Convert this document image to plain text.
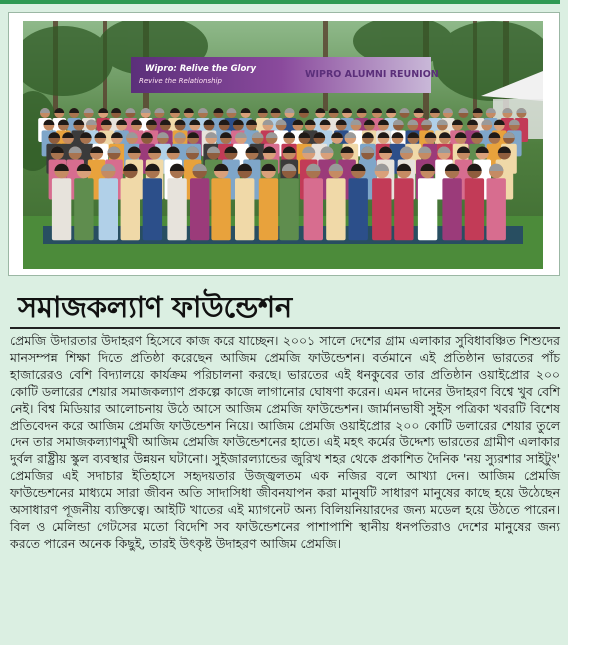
Wipro: Relive the Glory
Revive the Relationship
WIPRO ALUMNI REUNION
সমাজকল্যাণ ফাউন্ডেশন
প্রেমজি উদারতার উদাহরণ হিসেবে কাজ করে যাচ্ছেন। ২০০১ সালে দেশের গ্রাম এলাকার সুবিধাবঞ্চিত শিশুদের মানসম্পন্ন শিক্ষা দিতে প্রতিষ্ঠা করেছেন আজিম প্রেমজি ফাউন্ডেশন। বর্তমানে এই প্রতিষ্ঠান ভারতের পাঁচ হাজারেরও বেশি বিদ্যালয়ে কার্যক্রম পরিচালনা করছে। ভারতের এই ধনকুবের তার প্রতিষ্ঠান ওয়াইপ্রোর ২০০ কোটি ডলারের শেয়ার সমাজকল্যাণ প্রকল্পে কাজে লাগানোর ঘোষণা করেন। এমন দানের উদাহরণ বিশ্বে খুব বেশি নেই। বিশ্ব মিডিয়ার আলোচনায় উঠে আসে আজিম প্রেমজি ফাউন্ডেশন। জার্মানভাষী সুইস পত্রিকা খবরটি বিশেষ প্রতিবেদন করে আজিম প্রেমজি ফাউন্ডেশন নিয়ে। আজিম প্রেমজি ওয়াইপ্রোর ২০০ কোটি ডলারের শেয়ার তুলে দেন তার সমাজকল্যাণমুখী আজিম প্রেমজি ফাউন্ডেশনের হাতে। এই মহৎ কর্মের উদ্দেশ্য ভারতের গ্রামীণ এলাকার দুর্বল রাষ্ট্রীয় স্কুল ব্যবস্থার উন্নয়ন ঘটানো। সুইজারল্যান্ডের জুরিখ শহর থেকে প্রকাশিত দৈনিক 'নয় স্যুরশার সাইটুং' প্রেমজির এই সদাচার ইতিহাসে সহৃদয়তার উজ্জ্বলতম এক নজির বলে আখ্যা দেন। আজিম প্রেমজি ফাউন্ডেশনের মাধ্যমে সারা জীবন অতি সাদাসিধা জীবনযাপন করা মানুষটি সাধারণ মানুষের কাছে হয়ে উঠেছেন অসাধারণ পূজনীয় ব্যক্তিত্বে। আইটি খাতের এই ম্যাগনেট অন্য বিলিয়নিয়ারদের জন্য মডেল হয়ে উঠতে পারেন। বিল ও মেলিন্ডা গেটসের মতো বিদেশি সব ফাউন্ডেশনের পাশাপাশি স্থানীয় ধনপতিরাও দেশের মানুষের জন্য করতে পারেন অনেক কিছুই, তারই উৎকৃষ্ট উদাহরণ আজিম প্রেমজি।
